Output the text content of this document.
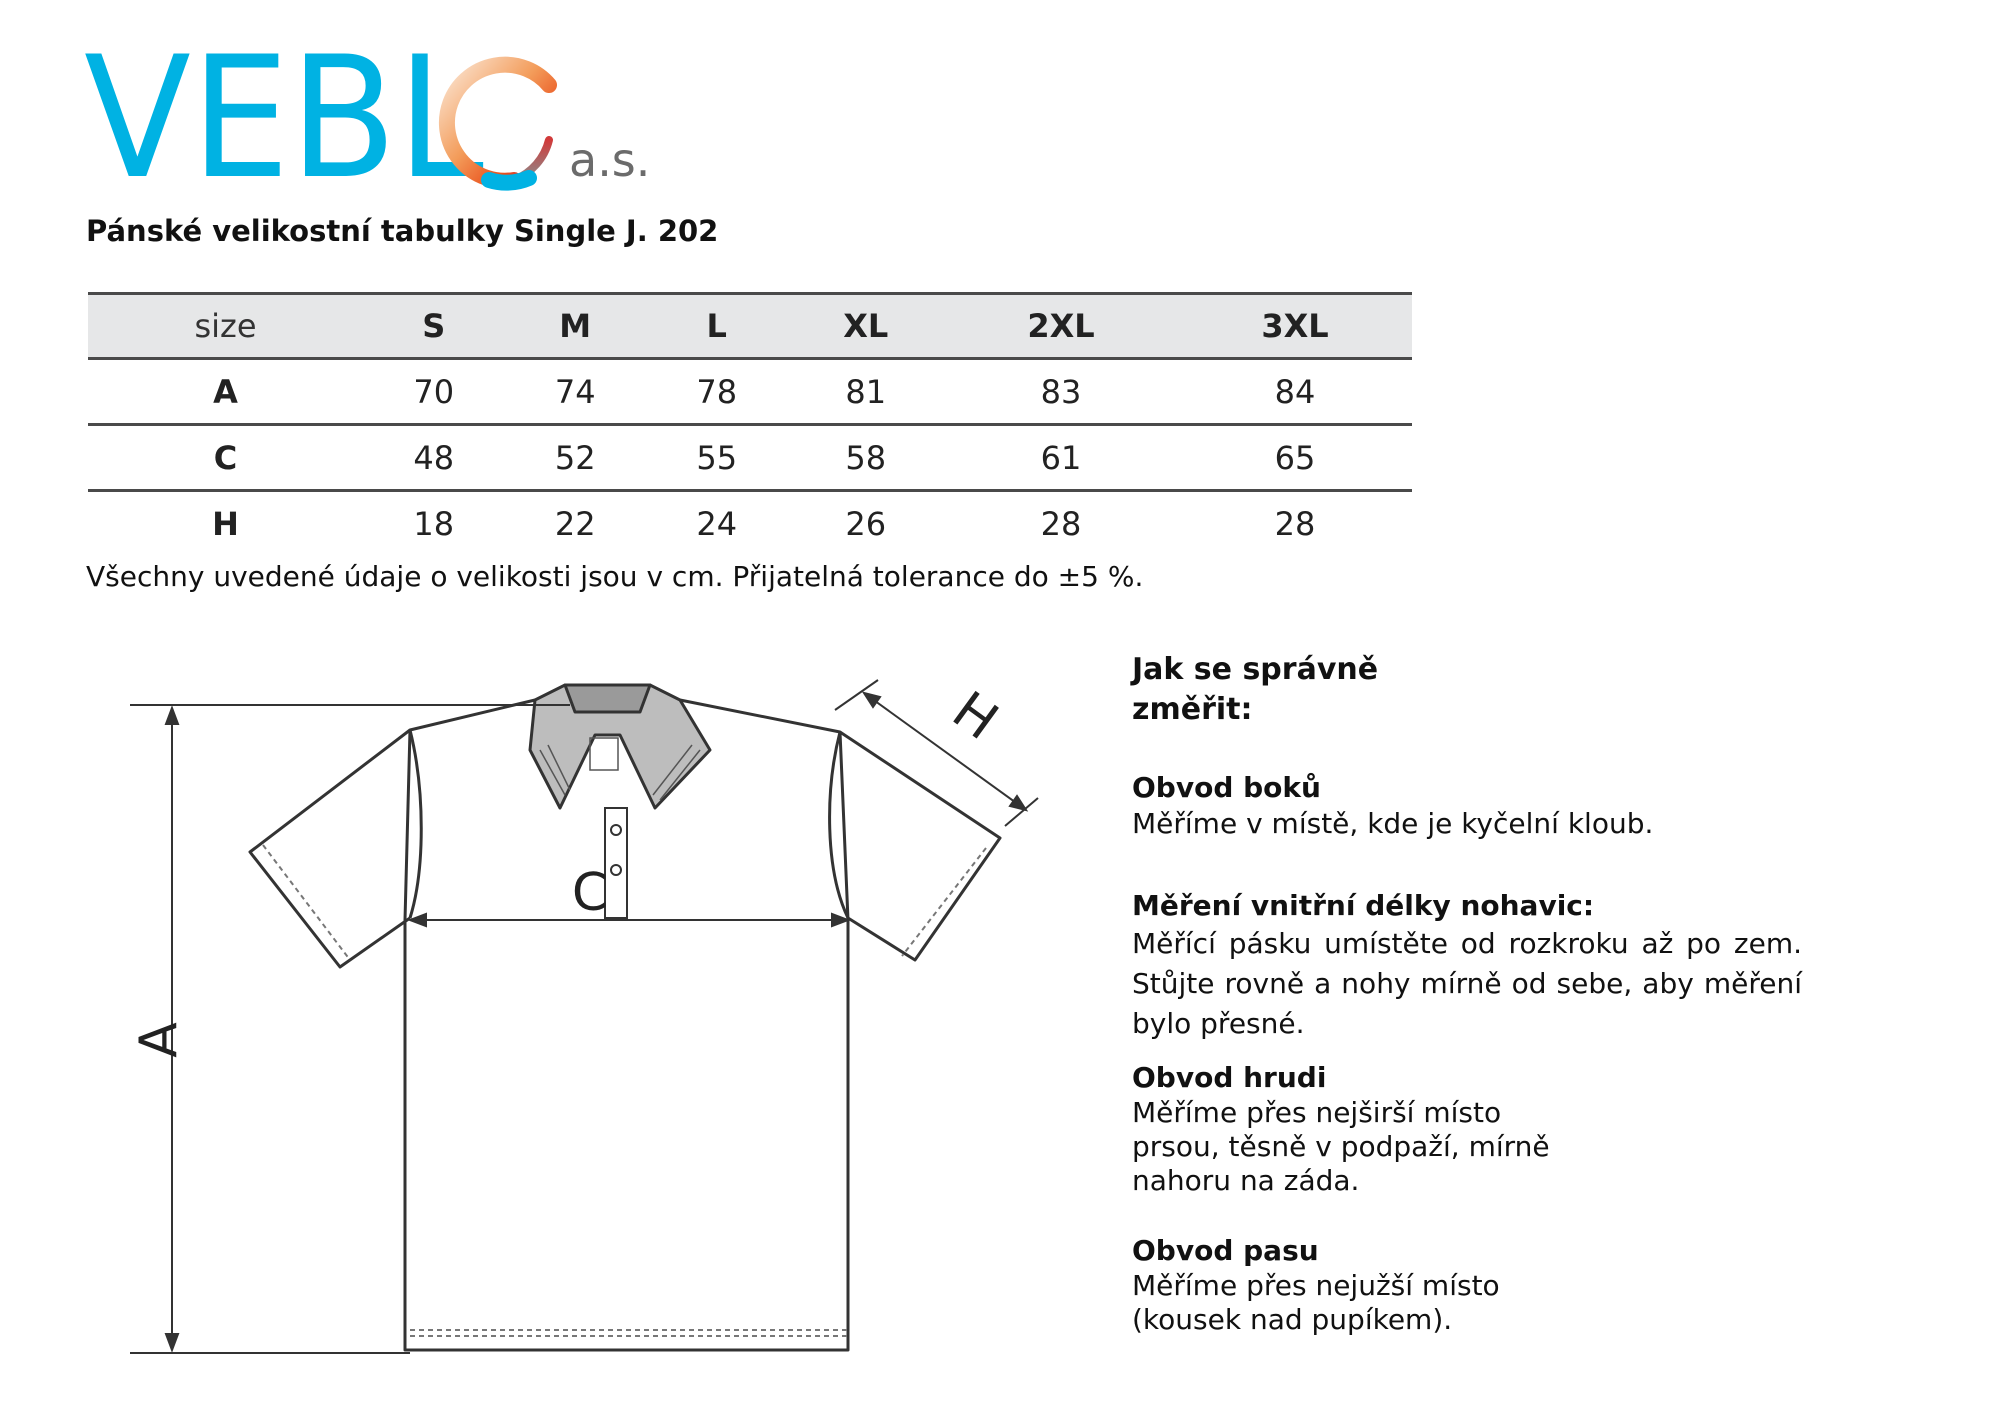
VEBL a.s.
Pánské velikostní tabulky Single J. 202
size	S	M	L	XL	2XL	3XL
A	70	74	78	81	83	84
C	48	52	55	58	61	65
H	18	22	24	26	28	28
Všechny uvedené údaje o velikosti jsou v cm. Přijatelná tolerance do ±5 %.
A
C
H
Jak se správně změřit:
Obvod boků
Měříme v místě, kde je kyčelní kloub.
Měření vnitřní délky nohavic:
Měřící pásku umístěte od rozkroku až po zem. Stůjte rovně a nohy mírně od sebe, aby měření bylo přesné.
Obvod hrudi
Měříme přes nejširší místo prsou, těsně v podpaží, mírně nahoru na záda.
Obvod pasu
Měříme přes nejužší místo (kousek nad pupíkem).
